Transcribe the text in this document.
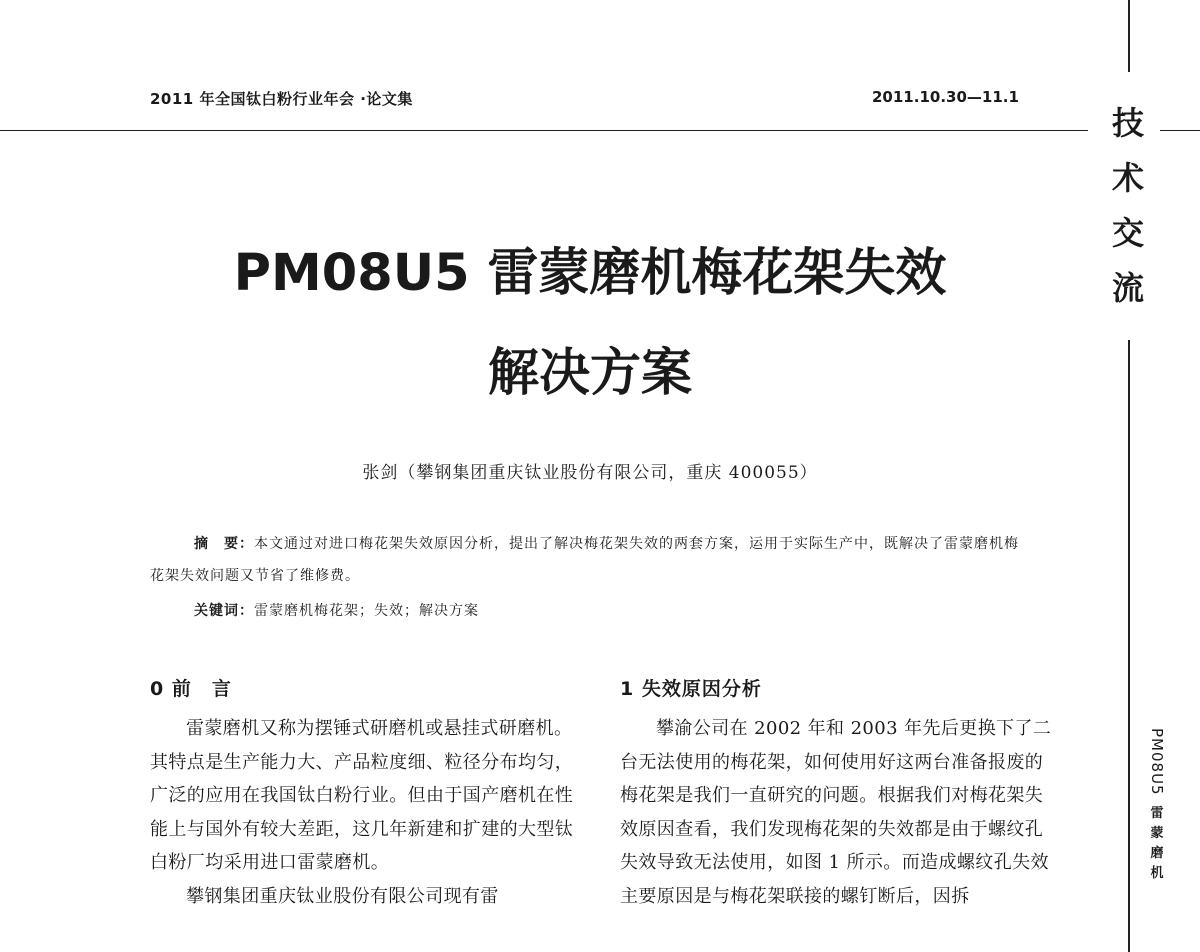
2011 年全国钛白粉行业年会 ·论文集	2011.10.30—11.1
技
术
交
流
PM08U5
雷
蒙
磨
机
PM08U5 雷蒙磨机梅花架失效
解决方案
张剑（攀钢集团重庆钛业股份有限公司，重庆 400055）

摘　要：本文通过对进口梅花架失效原因分析，提出了解决梅花架失效的两套方案，运用于实际生产中，既解决了雷蒙磨机梅花架失效问题又节省了维修费。

关键词：雷蒙磨机梅花架；失效；解决方案

0 前　言

雷蒙磨机又称为摆锤式研磨机或悬挂式研磨机。其特点是生产能力大、产品粒度细、粒径分布均匀，广泛的应用在我国钛白粉行业。但由于国产磨机在性能上与国外有较大差距，这几年新建和扩建的大型钛白粉厂均采用进口雷蒙磨机。

攀钢集团重庆钛业股份有限公司现有雷

1 失效原因分析

攀渝公司在 2002 年和 2003 年先后更换下了二台无法使用的梅花架，如何使用好这两台准备报废的梅花架是我们一直研究的问题。根据我们对梅花架失效原因查看，我们发现梅花架的失效都是由于螺纹孔失效导致无法使用，如图 1 所示。而造成螺纹孔失效主要原因是与梅花架联接的螺钉断后，因拆
